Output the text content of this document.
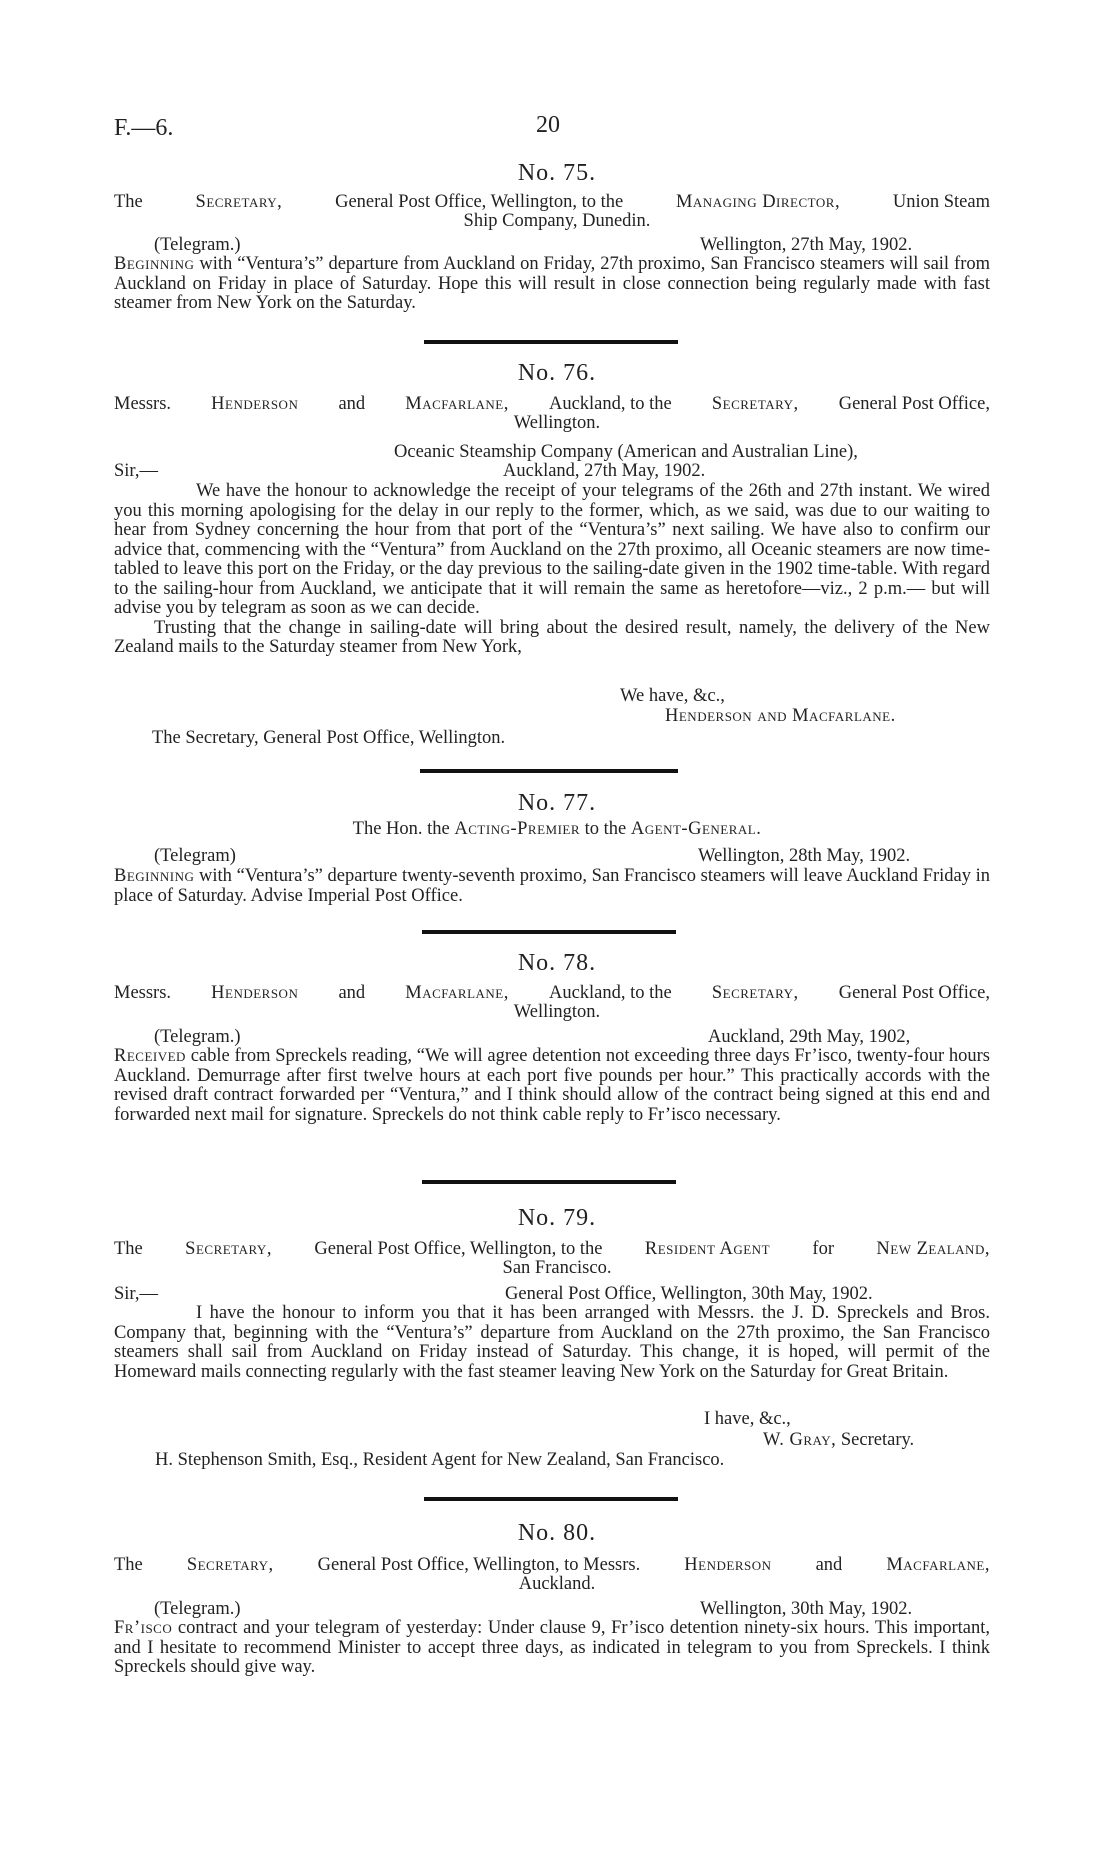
F.—6.	20
No. 75.
The	Secretary,	General Post Office, Wellington, to the	Managing Director,	Union Steam
Ship Company, Dunedin.
(Telegram.)	Wellington, 27th May, 1902.

Beginning with “Ventura’s” departure from Auckland on Friday, 27th proximo, San Francisco steamers will sail from Auckland on Friday in place of Saturday. Hope this will result in close connection being regularly made with fast steamer from New York on the Saturday.

No. 76.
Messrs. Henderson and Macfarlane, Auckland, to the Secretary, General Post Office,
Wellington.
Oceanic Steamship Company (American and Australian Line),
Sir,—	Auckland, 27th May, 1902.

We have the honour to acknowledge the receipt of your telegrams of the 26th and 27th instant. We wired you this morning apologising for the delay in our reply to the former, which, as we said, was due to our waiting to hear from Sydney concerning the hour from that port of the “Ventura’s” next sailing. We have also to confirm our advice that, commencing with the “Ventura” from Auckland on the 27th proximo, all Oceanic steamers are now time-tabled to leave this port on the Friday, or the day previous to the sailing-date given in the 1902 time-table. With regard to the sailing-hour from Auckland, we anticipate that it will remain the same as heretofore—viz., 2 p.m.— but will advise you by telegram as soon as we can decide.

Trusting that the change in sailing-date will bring about the desired result, namely, the delivery of the New Zealand mails to the Saturday steamer from New York,

We have, &c.,
Henderson and Macfarlane.
The Secretary, General Post Office, Wellington.
No. 77.
The Hon. the Acting-Premier to the Agent-General.
(Telegram)	Wellington, 28th May, 1902.

Beginning with “Ventura’s” departure twenty-seventh proximo, San Francisco steamers will leave Auckland Friday in place of Saturday. Advise Imperial Post Office.

No. 78.
Messrs. Henderson and Macfarlane, Auckland, to the Secretary, General Post Office,
Wellington.
(Telegram.)	Auckland, 29th May, 1902,

Received cable from Spreckels reading, “We will agree detention not exceeding three days Fr’isco, twenty-four hours Auckland. Demurrage after first twelve hours at each port five pounds per hour.” This practically accords with the revised draft contract forwarded per “Ventura,” and I think should allow of the contract being signed at this end and forwarded next mail for signature. Spreckels do not think cable reply to Fr’isco necessary.

No. 79.
The Secretary, General Post Office, Wellington, to the Resident Agent for New Zealand,
San Francisco.
Sir,—	General Post Office, Wellington, 30th May, 1902.

I have the honour to inform you that it has been arranged with Messrs. the J. D. Spreckels and Bros. Company that, beginning with the “Ventura’s” departure from Auckland on the 27th proximo, the San Francisco steamers shall sail from Auckland on Friday instead of Saturday. This change, it is hoped, will permit of the Homeward mails connecting regularly with the fast steamer leaving New York on the Saturday for Great Britain.

I have, &c.,
W. Gray, Secretary.
H. Stephenson Smith, Esq., Resident Agent for New Zealand, San Francisco.
No. 80.
The Secretary, General Post Office, Wellington, to Messrs. Henderson and Macfarlane,
Auckland.
(Telegram.)	Wellington, 30th May, 1902.

Fr’isco contract and your telegram of yesterday: Under clause 9, Fr’isco detention ninety-six hours. This important, and I hesitate to recommend Minister to accept three days, as indicated in telegram to you from Spreckels. I think Spreckels should give way.
